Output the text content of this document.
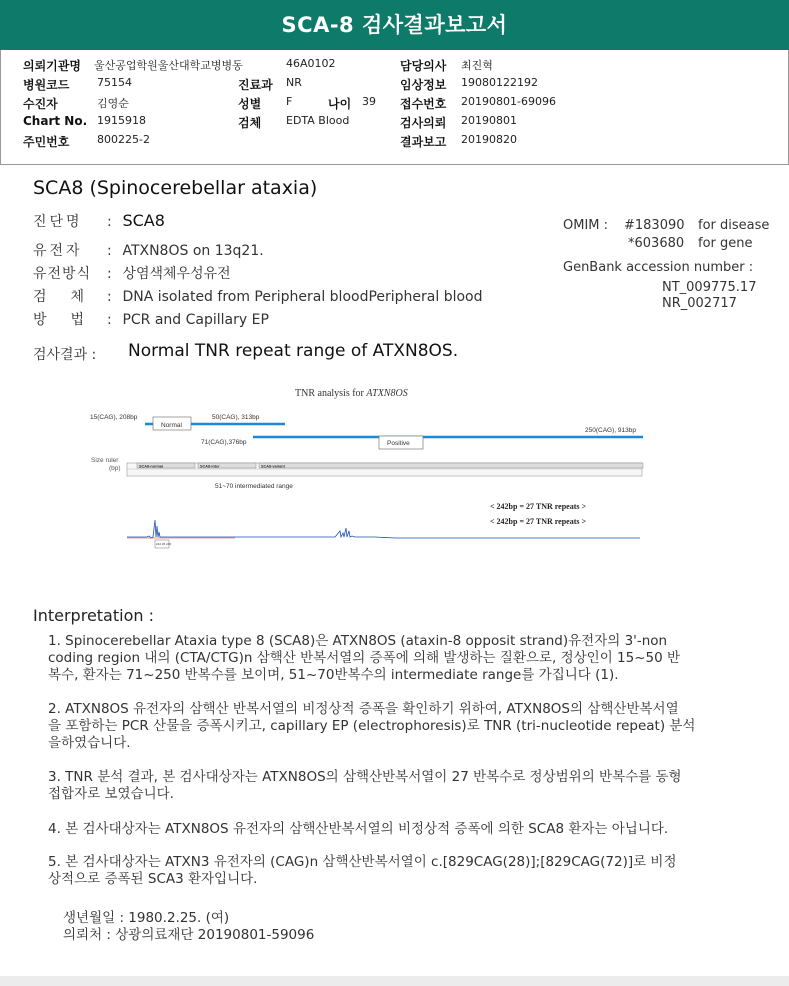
SCA-8 검사결과보고서
의뢰기관명 울산공업학원울산대학교병병동	46A0102	담당의사 최진혁
병원코드	75154	진료과 NR	임상정보 19080122192
수진자	김영순	성별 F	나이 39 접수번호 20190801-69096
Chart No. 1915918	검체 EDTA Blood	검사의뢰 20190801
주민번호	800225-2	결과보고 20190820
SCA8 (Spinocerebellar ataxia)
진단명 : SCA8
유전자 : ATXN8OS on 13q21.
유전방식 : 상염색체우성유전
검체: DNA isolated from Peripheral bloodPeripheral blood
방법: PCR and Capillary EP
OMIM : #183090 for disease
*603680 for gene
GenBank accession number :
NT_009775.17
NR_002717
검사결과 : Normal TNR repeat range of ATXN8OS.
TNR analysis for ATXN8OS
15(CAG), 208bp
Normal
50(CAG), 313bp
71(CAG),376bp	Positive
250(CAG), 913bp
Size ruler
(bp)	SCA8-normal	SCA8-inter	SCA8-variant
51~70 intermediated range
< 242bp = 27 TNR repeats >
< 242bp = 27 TNR repeats >
242.45 246
Interpretation :
1. Spinocerebellar Ataxia type 8 (SCA8)은 ATXN8OS (ataxin-8 opposit strand)유전자의 3'-non
coding region 내의 (CTA/CTG)n 삼핵산 반복서열의 증폭에 의해 발생하는 질환으로, 정상인이 15~50 반
복수, 환자는 71~250 반복수를 보이며, 51~70반복수의 intermediate range를 가집니다 (1).
2. ATXN8OS 유전자의 삼핵산 반복서열의 비정상적 증폭을 확인하기 위하여, ATXN8OS의 삼핵산반복서열
을 포함하는 PCR 산물을 증폭시키고, capillary EP (electrophoresis)로 TNR (tri-nucleotide repeat) 분석
을하였습니다.
3. TNR 분석 결과, 본 검사대상자는 ATXN8OS의 삼핵산반복서열이 27 반복수로 정상범위의 반복수를 동형
접합자로 보였습니다.
4. 본 검사대상자는 ATXN8OS 유전자의 삼핵산반복서열의 비정상적 증폭에 의한 SCA8 환자는 아닙니다.
5. 본 검사대상자는 ATXN3 유전자의 (CAG)n 삼핵산반복서열이 c.[829CAG(28)];[829CAG(72)]로 비정
상적으로 증폭된 SCA3 환자입니다.
생년월일 : 1980.2.25. (여)
의뢰처 : 상광의료재단 20190801-59096
